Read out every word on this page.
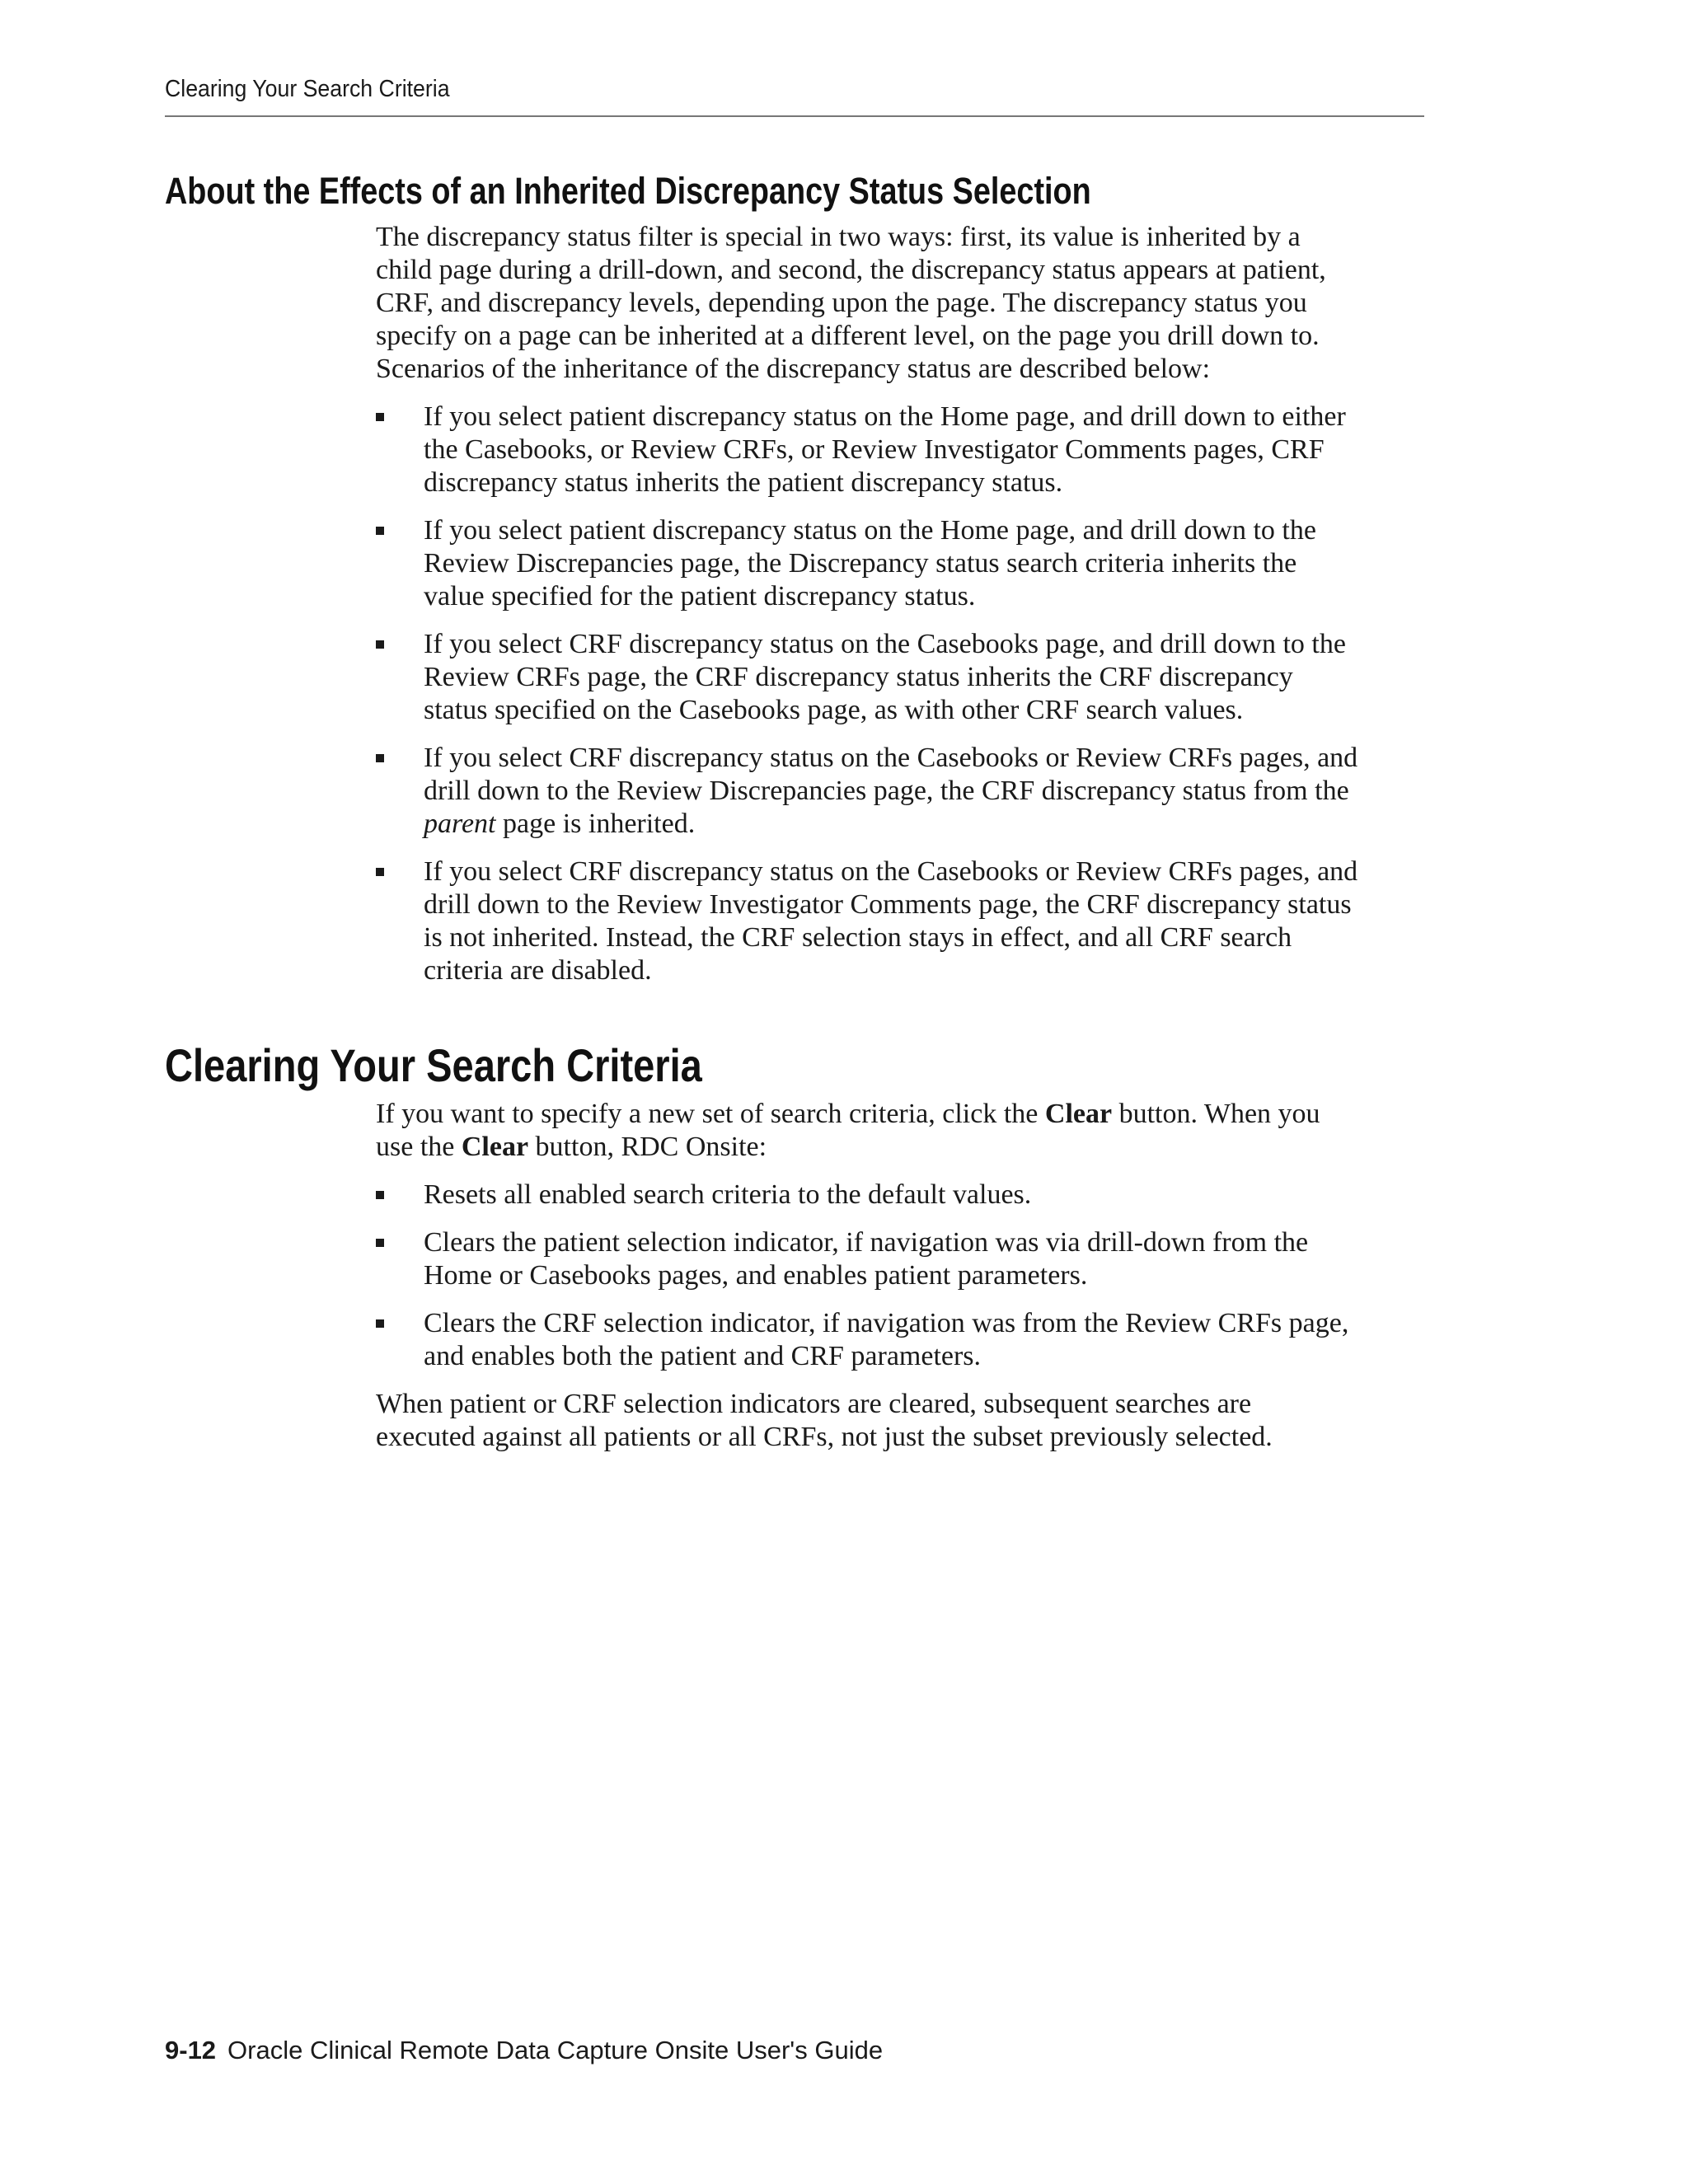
Clearing Your Search Criteria
About the Effects of an Inherited Discrepancy Status Selection

The discrepancy status filter is special in two ways: first, its value is inherited by a
child page during a drill-down, and second, the discrepancy status appears at patient,
CRF, and discrepancy levels, depending upon the page. The discrepancy status you
specify on a page can be inherited at a different level, on the page you drill down to.
Scenarios of the inheritance of the discrepancy status are described below:

If you select patient discrepancy status on the Home page, and drill down to either
the Casebooks, or Review CRFs, or Review Investigator Comments pages, CRF
discrepancy status inherits the patient discrepancy status.
If you select patient discrepancy status on the Home page, and drill down to the
Review Discrepancies page, the Discrepancy status search criteria inherits the
value specified for the patient discrepancy status.
If you select CRF discrepancy status on the Casebooks page, and drill down to the
Review CRFs page, the CRF discrepancy status inherits the CRF discrepancy
status specified on the Casebooks page, as with other CRF search values.
If you select CRF discrepancy status on the Casebooks or Review CRFs pages, and
drill down to the Review Discrepancies page, the CRF discrepancy status from the
parent page is inherited.
If you select CRF discrepancy status on the Casebooks or Review CRFs pages, and
drill down to the Review Investigator Comments page, the CRF discrepancy status
is not inherited. Instead, the CRF selection stays in effect, and all CRF search
criteria are disabled.
Clearing Your Search Criteria

If you want to specify a new set of search criteria, click the Clear button. When you
use the Clear button, RDC Onsite:

Resets all enabled search criteria to the default values.
Clears the patient selection indicator, if navigation was via drill-down from the
Home or Casebooks pages, and enables patient parameters.
Clears the CRF selection indicator, if navigation was from the Review CRFs page,
and enables both the patient and CRF parameters.

When patient or CRF selection indicators are cleared, subsequent searches are
executed against all patients or all CRFs, not just the subset previously selected.

9-12 Oracle Clinical Remote Data Capture Onsite User's Guide
